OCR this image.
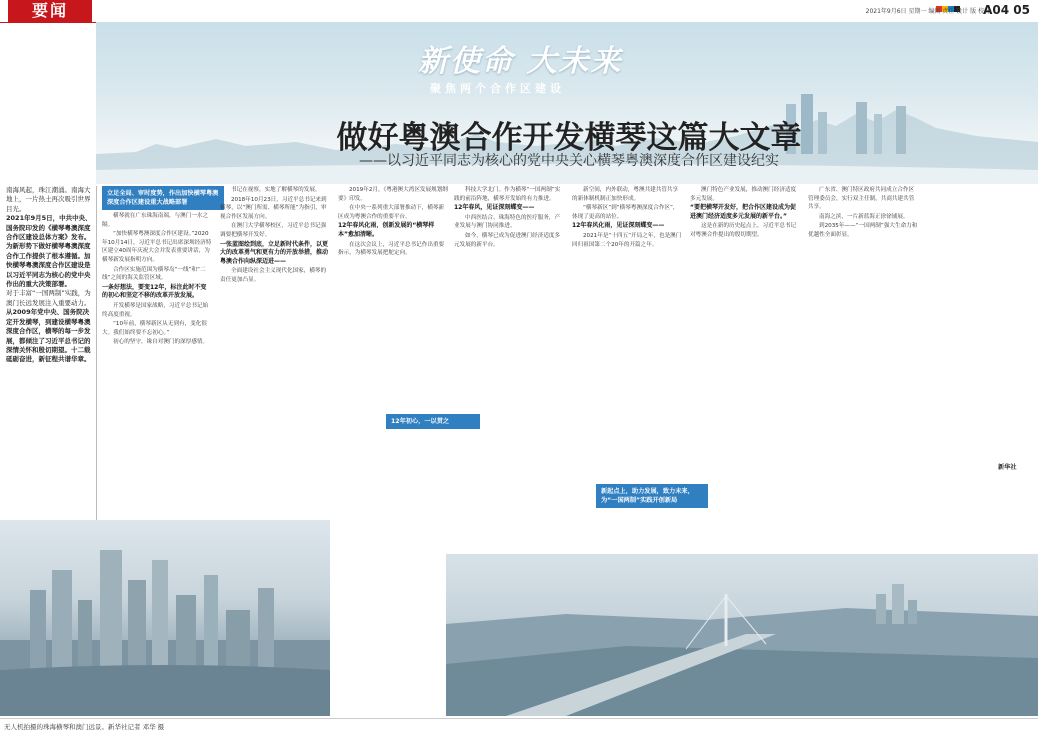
要闻	2021年9月6日 星期一 编辑 责任 设计 版 校对
A04 05
新使命 大未来
聚焦两个合作区建设
做好粤澳合作开发横琴这篇大文章
——以习近平同志为核心的党中央关心横琴粤澳深度合作区建设纪实

南海风起，珠江潮涌。南海大地上，一片热土再次吸引世界目光。

2021年9月5日，中共中央、国务院印发的《横琴粤澳深度合作区建设总体方案》发布。为新形势下做好横琴粤澳深度合作工作提供了根本遵循。加快横琴粤澳深度合作区建设是以习近平同志为核心的党中央作出的重大决策部署。

对于丰富“一国两制”实践，为澳门长远发展注入重要动力。

从2009年党中央、国务院决定开发横琴，到建设横琴粤澳深度合作区，横琴的每一步发展，都倾注了习近平总书记的深情关怀和殷切期望。十二载砥砺奋进，新征程共谱华章。

立足全局、审时度势，作出加快横琴粤澳深度合作区建设重大战略部署
12年初心，一以贯之
新起点上，助力发展，致力未来，为“一国两制”实践开创新局

横琴就在广东珠海南端，与澳门一水之隔。

“加快横琴粤澳深度合作区建设。”2020年10月14日，习近平总书记出席深圳经济特区建立40周年庆祝大会并发表重要讲话，为横琴新发展指明方向。

合作区实施范围为横琴岛“一线”和“二线”之间的海关监管区域。

一条好想法，要变12年，标注此时不变的初心和坚定不移的改革开放发展。

开发横琴是国家战略，习近平总书记始终高度重视。

“10年前，横琴新区从无到有，变化很大。我们始终要不忘初心。”

初心的坚守，缘自对澳门的深厚感情。

书记在视察，实地了解横琴的发展。

2018年10月23日，习近平总书记来到横琴，以“澳门所需、横琴所能”为指引，审视合作区发展方向。

在澳门大学横琴校区，习近平总书记强调要把横琴开发好。

一张蓝图绘到底，立足新时代条件，以更大的改革勇气和更有力的开放举措，推动粤澳合作向纵深迈进——

全面建设社会主义现代化国家，横琴的责任更加凸显。

2019年2月，《粤港澳大湾区发展规划纲要》印发。

在中央一系列重大部署推动下，横琴新区成为粤澳合作的重要平台。

12年春风化雨，创新发展的“横琴样本”愈加清晰。

在这次会议上，习近平总书记作出重要指示，为横琴发展把舵定向。

科技大学北门。作为横琴“一国两制”实践的前沿阵地，横琴开发始终有力推进。

12年春风，见证深刻蝶变——

中西医结合、珠海特色的医疗服务，产业发展与澳门协同推进。

如今，横琴已成为促进澳门经济适度多元发展的新平台。

新空间，内外联动，粤澳共建共管共享的新体制机制正加快形成。

“横琴新区”到“横琴粤澳深度合作区”，体现了更高的站位。

12年春风化雨，见证深刻蝶变——

2021年是“十四五”开局之年，也是澳门回归祖国第二个20年的开篇之年。

澳门特色产业发展，推动澳门经济适度多元发展。

“要把横琴开发好，把合作区建设成为促进澳门经济适度多元发展的新平台。”

这是在新的历史起点上，习近平总书记对粤澳合作提出的殷切期望。

广东省、澳门特区政府共同成立合作区管理委员会，实行双主任制，共商共建共管共享。

南海之滨，一片新蓝海正徐徐铺展。

到2035年——“一国两制”强大生命力和优越性全面彰显。

新华社
无人机拍摄的珠海横琴和澳门远景。新华社记者 邓华 摄
